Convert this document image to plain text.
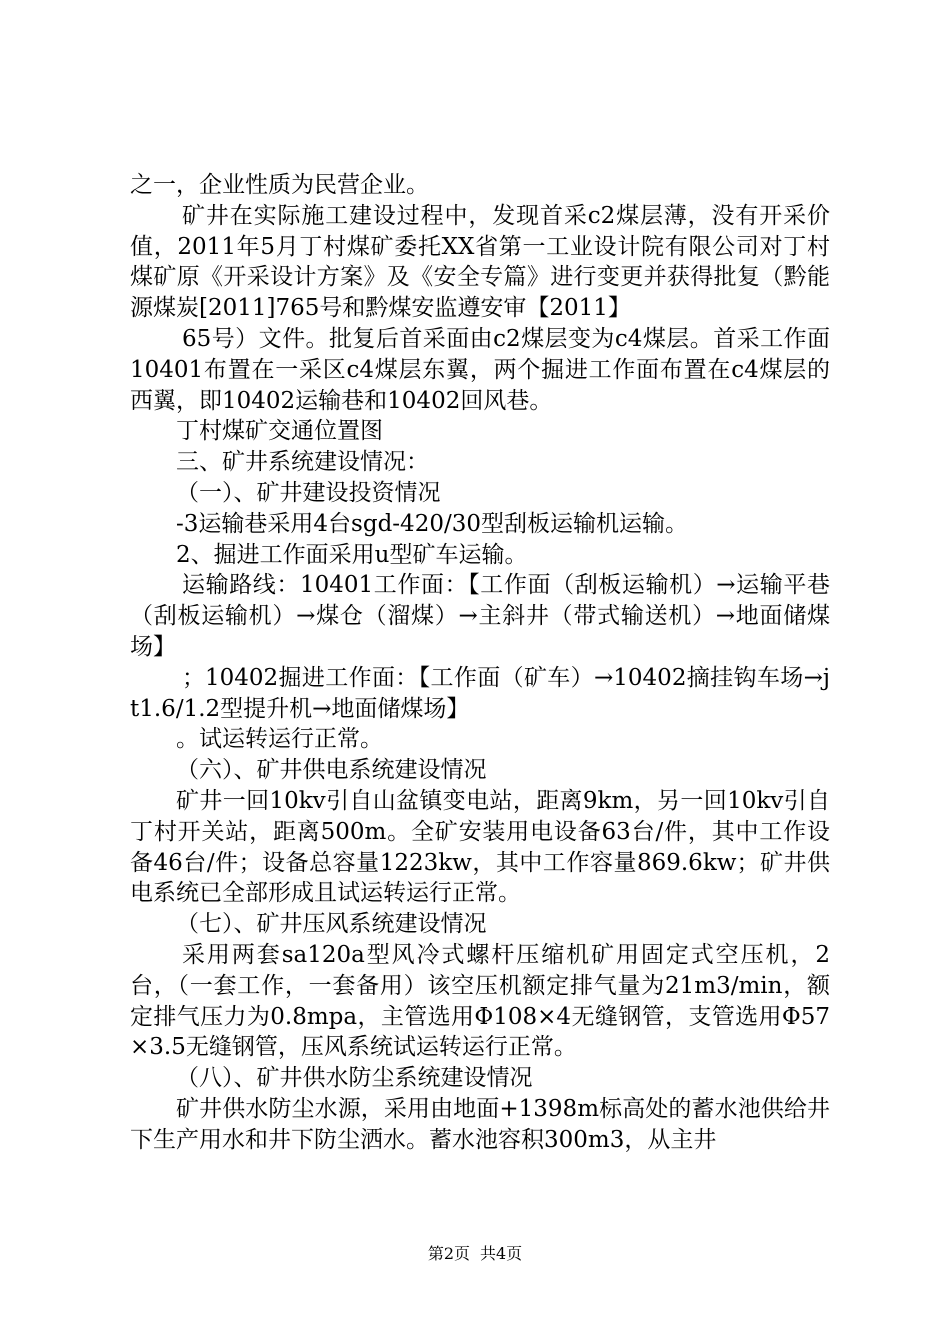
之一，企业性质为民营企业。

矿井在实际施工建设过程中，发现首采c2煤层薄，没有开采价值，2011年5月丁村煤矿委托XX省第一工业设计院有限公司对丁村煤矿原《开采设计方案》及《安全专篇》进行变更并获得批复（黔能源煤炭[2011]765号和黔煤安监遵安审【2011】

65号）文件。批复后首采面由c2煤层变为c4煤层。首采工作面10401布置在一采区c4煤层东翼，两个掘进工作面布置在c4煤层的西翼，即10402运输巷和10402回风巷。

丁村煤矿交通位置图

三、矿井系统建设情况：

（一）、矿井建设投资情况

-3运输巷采用4台sgd-420/30型刮板运输机运输。

2、掘进工作面采用u型矿车运输。

运输路线：10401工作面：【工作面（刮板运输机）→运输平巷（刮板运输机）→煤仓（溜煤）→主斜井（带式输送机）→地面储煤场】

；10402掘进工作面：【工作面（矿车）→10402摘挂钩车场→jt1.6/1.2型提升机→地面储煤场】

。试运转运行正常。

（六）、矿井供电系统建设情况

矿井一回10kv引自山盆镇变电站，距离9km，另一回10kv引自丁村开关站，距离500m。全矿安装用电设备63台/件，其中工作设备46台/件；设备总容量1223kw，其中工作容量869.6kw；矿井供电系统已全部形成且试运转运行正常。

（七）、矿井压风系统建设情况

采用两套sa120a型风冷式螺杆压缩机矿用固定式空压机，2台，（一套工作，一套备用）该空压机额定排气量为21m3/min，额定排气压力为0.8mpa，主管选用Φ108×4无缝钢管，支管选用Φ57×3.5无缝钢管，压风系统试运转运行正常。

（八）、矿井供水防尘系统建设情况

矿井供水防尘水源，采用由地面+1398m标高处的蓄水池供给井下生产用水和井下防尘洒水。蓄水池容积300m3，从主井

第2页 共4页
